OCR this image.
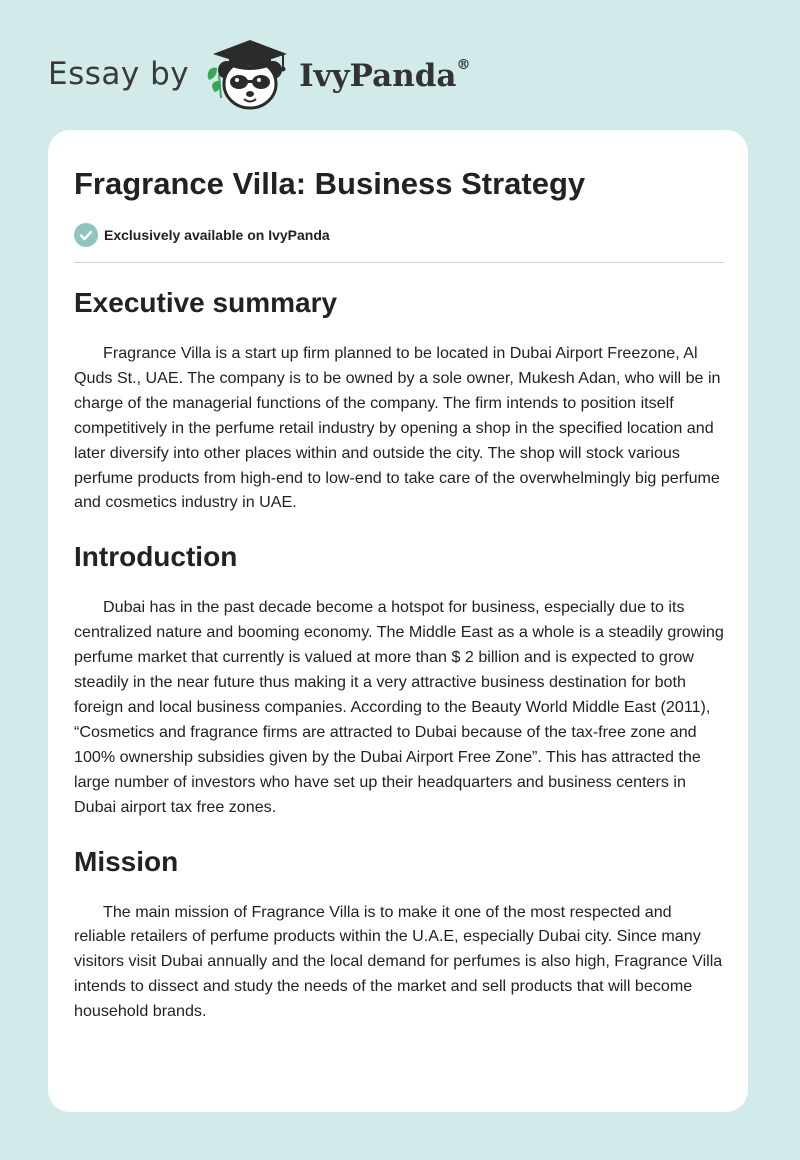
Essay by	IvyPanda®
Fragrance Villa: Business Strategy
Exclusively available on IvyPanda
Executive summary

Fragrance Villa is a start up firm planned to be located in Dubai Airport Freezone, Al Quds St., UAE. The company is to be owned by a sole owner, Mukesh Adan, who will be in charge of the managerial functions of the company. The firm intends to position itself competitively in the perfume retail industry by opening a shop in the specified location and later diversify into other places within and outside the city. The shop will stock various perfume products from high-end to low-end to take care of the overwhelmingly big perfume and cosmetics industry in UAE.

Introduction

Dubai has in the past decade become a hotspot for business, especially due to its centralized nature and booming economy. The Middle East as a whole is a steadily growing perfume market that currently is valued at more than $ 2 billion and is expected to grow steadily in the near future thus making it a very attractive business destination for both foreign and local business companies. According to the Beauty World Middle East (2011), “Cosmetics and fragrance firms are attracted to Dubai because of the tax-free zone and 100% ownership subsidies given by the Dubai Airport Free Zone”. This has attracted the large number of investors who have set up their headquarters and business centers in Dubai airport tax free zones.

Mission

The main mission of Fragrance Villa is to make it one of the most respected and reliable retailers of perfume products within the U.A.E, especially Dubai city. Since many visitors visit Dubai annually and the local demand for perfumes is also high, Fragrance Villa intends to dissect and study the needs of the market and sell products that will become household brands.
